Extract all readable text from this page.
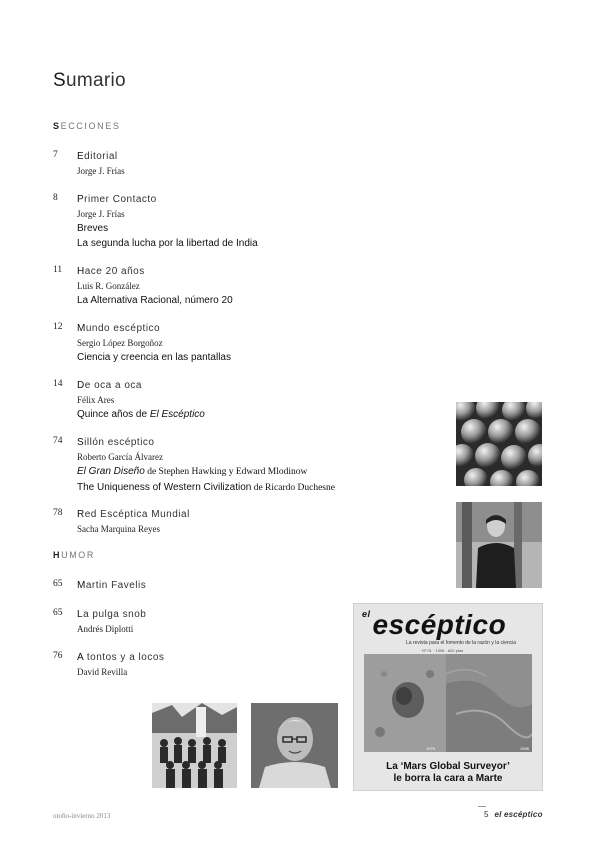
Sumario
SECCIONES
7	Editorial
Jorge J. Frías
8	Primer Contacto
Jorge J. Frías
Breves
La segunda lucha por la libertad de India
11	Hace 20 años
Luis R. González
La Alternativa Racional, número 20
12	Mundo escéptico
Sergio López Borgoñoz
Ciencia y creencia en las pantallas
14	De oca a oca
Félix Ares
Quince años de El Escéptico
74	Sillón escéptico
Roberto García Álvarez
El Gran Diseño de Stephen Hawking y Edward Mlodinow
The Uniqueness of Western Civilization de Ricardo Duchesne
78	Red Escéptica Mundial
Sacha Marquina Reyes
HUMOR
65	Martin Favelis
65	La pulga snob
Andrés Diplotti
76	A tontos y a locos
David Revilla
$^{el}$escéptico
La revista para el fomento de la razón y la ciencia
Nº 01 · 1998 · 600 ptas
1976	1998
La ‘Mars Global Surveyor’
le borra la cara a Marte
otoño-invierno 2013	5 el escéptico
